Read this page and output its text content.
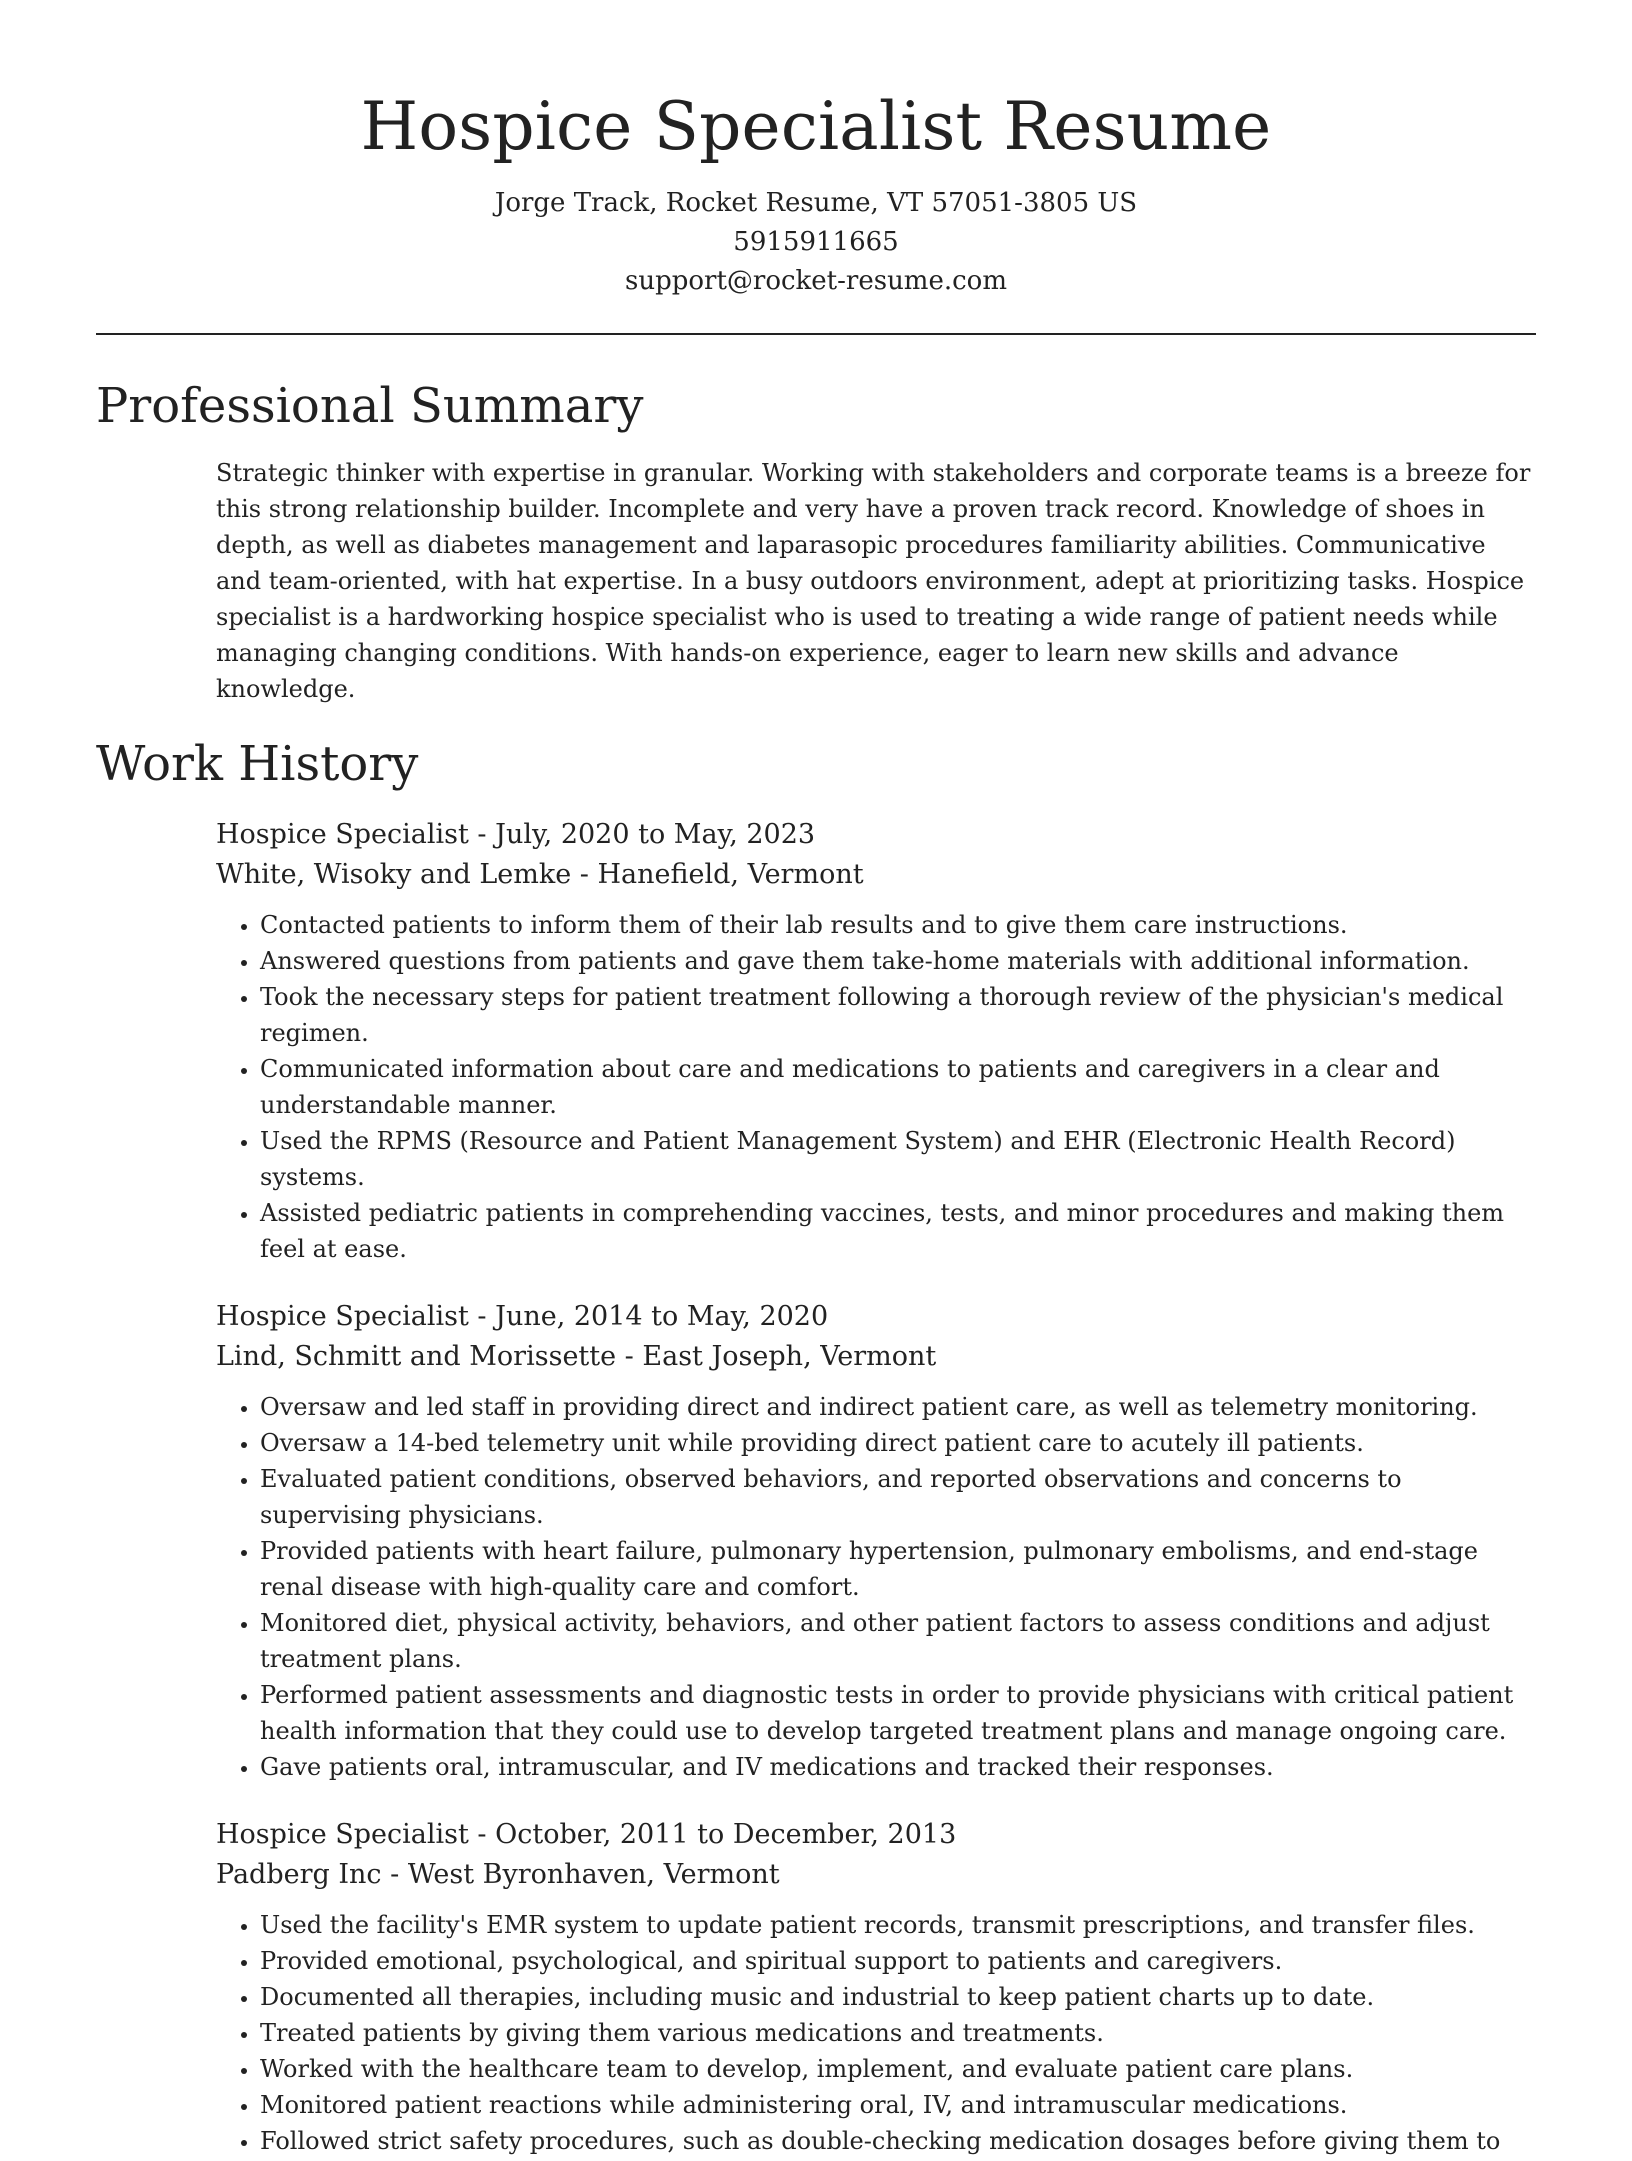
Hospice Specialist Resume

Jorge Track, Rocket Resume, VT 57051-3805 US

5915911665

support@rocket-resume.com

Professional Summary

Strategic thinker with expertise in granular. Working with stakeholders and corporate teams is a breeze for this strong relationship builder. Incomplete and very have a proven track record. Knowledge of shoes in depth, as well as diabetes management and laparasopic procedures familiarity abilities. Communicative and team-oriented, with hat expertise. In a busy outdoors environment, adept at prioritizing tasks. Hospice specialist is a hardworking hospice specialist who is used to treating a wide range of patient needs while managing changing conditions. With hands-on experience, eager to learn new skills and advance knowledge.

Work History

Hospice Specialist - July, 2020 to May, 2023

White, Wisoky and Lemke - Hanefield, Vermont

• Contacted patients to inform them of their lab results and to give them care instructions.
• Answered questions from patients and gave them take-home materials with additional information.
• Took the necessary steps for patient treatment following a thorough review of the physician's medical regimen.
• Communicated information about care and medications to patients and caregivers in a clear and understandable manner.
• Used the RPMS (Resource and Patient Management System) and EHR (Electronic Health Record) systems.
• Assisted pediatric patients in comprehending vaccines, tests, and minor procedures and making them feel at ease.

Hospice Specialist - June, 2014 to May, 2020

Lind, Schmitt and Morissette - East Joseph, Vermont

• Oversaw and led staff in providing direct and indirect patient care, as well as telemetry monitoring.
• Oversaw a 14-bed telemetry unit while providing direct patient care to acutely ill patients.
• Evaluated patient conditions, observed behaviors, and reported observations and concerns to supervising physicians.
• Provided patients with heart failure, pulmonary hypertension, pulmonary embolisms, and end-stage renal disease with high-quality care and comfort.
• Monitored diet, physical activity, behaviors, and other patient factors to assess conditions and adjust treatment plans.
• Performed patient assessments and diagnostic tests in order to provide physicians with critical patient health information that they could use to develop targeted treatment plans and manage ongoing care.
• Gave patients oral, intramuscular, and IV medications and tracked their responses.

Hospice Specialist - October, 2011 to December, 2013

Padberg Inc - West Byronhaven, Vermont

• Used the facility's EMR system to update patient records, transmit prescriptions, and transfer files.
• Provided emotional, psychological, and spiritual support to patients and caregivers.
• Documented all therapies, including music and industrial to keep patient charts up to date.
• Treated patients by giving them various medications and treatments.
• Worked with the healthcare team to develop, implement, and evaluate patient care plans.
• Monitored patient reactions while administering oral, IV, and intramuscular medications.
• Followed strict safety procedures, such as double-checking medication dosages before giving them to
